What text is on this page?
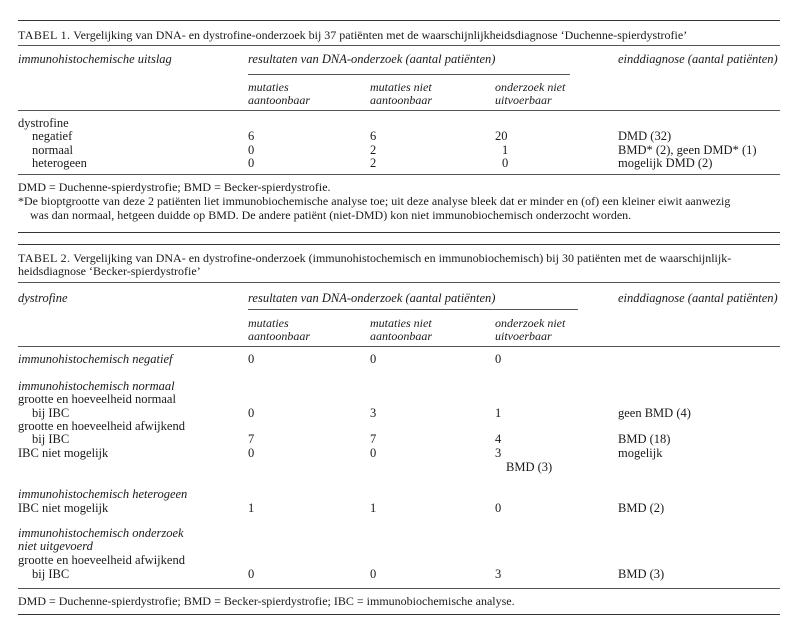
TABEL 1. Vergelijking van DNA- en dystrofine-onderzoek bij 37 patiënten met de waarschijnlijkheidsdiagnose ‘Duchenne-spierdystrofie’
immunohistochemische uitslag	resultaten van DNA-onderzoek (aantal patiënten)	einddiagnose (aantal patiënten)
mutaties
aantoonbaar
mutaties niet
aantoonbaar
onderzoek niet
uitvoerbaar
dystrofine
negatief	6	6	20	DMD (32)
normaal	0	2	1	BMD* (2), geen DMD* (1)
heterogeen	0	2	0	mogelijk DMD (2)
DMD = Duchenne-spierdystrofie; BMD = Becker-spierdystrofie.
*De bioptgrootte van deze 2 patiënten liet immunobiochemische analyse toe; uit deze analyse bleek dat er minder en (of) een kleiner eiwit aanwezig
was dan normaal, hetgeen duidde op BMD. De andere patiënt (niet-DMD) kon niet immunobiochemisch onderzocht worden.
TABEL 2. Vergelijking van DNA- en dystrofine-onderzoek (immunohistochemisch en immunobiochemisch) bij 30 patiënten met de waarschijnlijk-
heidsdiagnose ‘Becker-spierdystrofie’
dystrofine	resultaten van DNA-onderzoek (aantal patiënten)	einddiagnose (aantal patiënten)
mutaties
aantoonbaar
mutaties niet
aantoonbaar
onderzoek niet
uitvoerbaar
immunohistochemisch negatief	0	0	0
immunohistochemisch normaal
grootte en hoeveelheid normaal
bij IBC	0	3	1	geen BMD (4)
grootte en hoeveelheid afwijkend
bij IBC	7	7	4	BMD (18)
IBC niet mogelijk	0	0	3	mogelijk
BMD (3)
immunohistochemisch heterogeen
IBC niet mogelijk	1	1	0	BMD (2)
immunohistochemisch onderzoek
niet uitgevoerd
grootte en hoeveelheid afwijkend
bij IBC	0	0	3	BMD (3)
DMD = Duchenne-spierdystrofie; BMD = Becker-spierdystrofie; IBC = immunobiochemische analyse.
